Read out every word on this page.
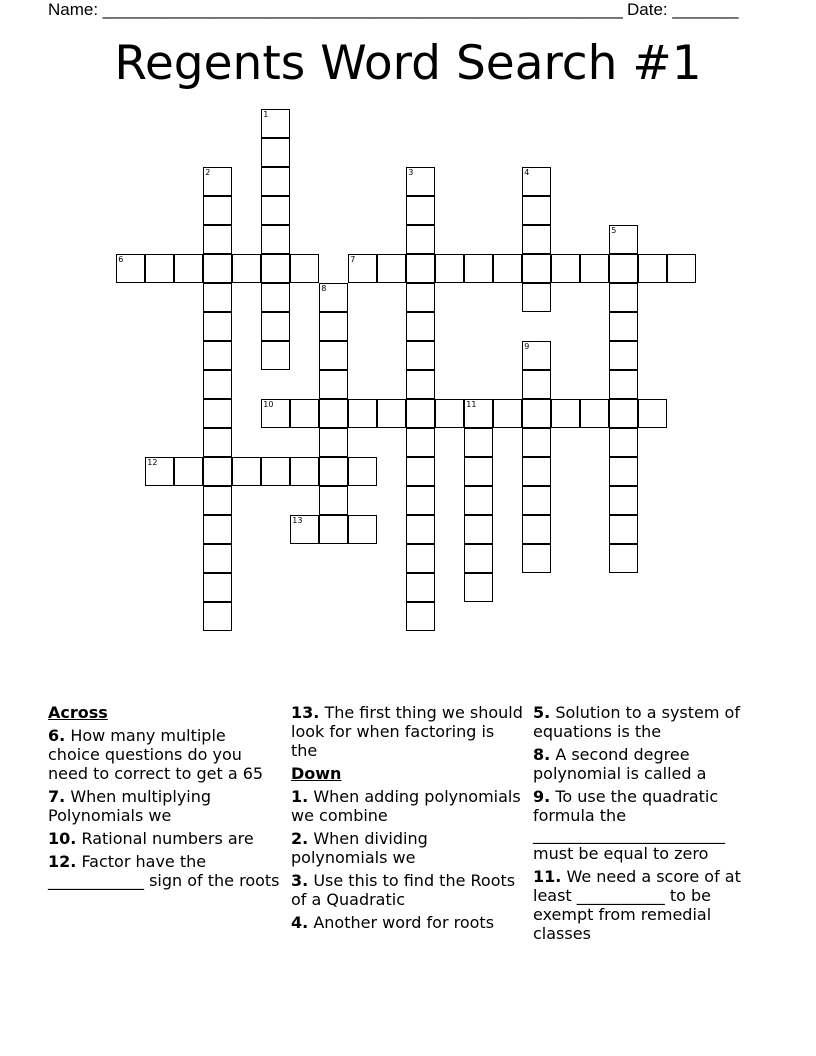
Name: _______________________________________________________ Date: _______
Regents Word Search #1
1
2	3	4
5
6	7
8
9
10	11
12
13
Across
6. How many multiple choice questions do you need to correct to get a 65
7. When multiplying Polynomials we
10. Rational numbers are
12. Factor have the ____________ sign of the roots
13. The first thing we should look for when factoring is the
Down
1. When adding polynomials we combine
2. When dividing polynomials we
3. Use this to find the Roots of a Quadratic
4. Another word for roots
5. Solution to a system of equations is the
8. A second degree polynomial is called a
9. To use the quadratic formula the ________________________ must be equal to zero
11. We need a score of at least ___________ to be exempt from remedial classes
